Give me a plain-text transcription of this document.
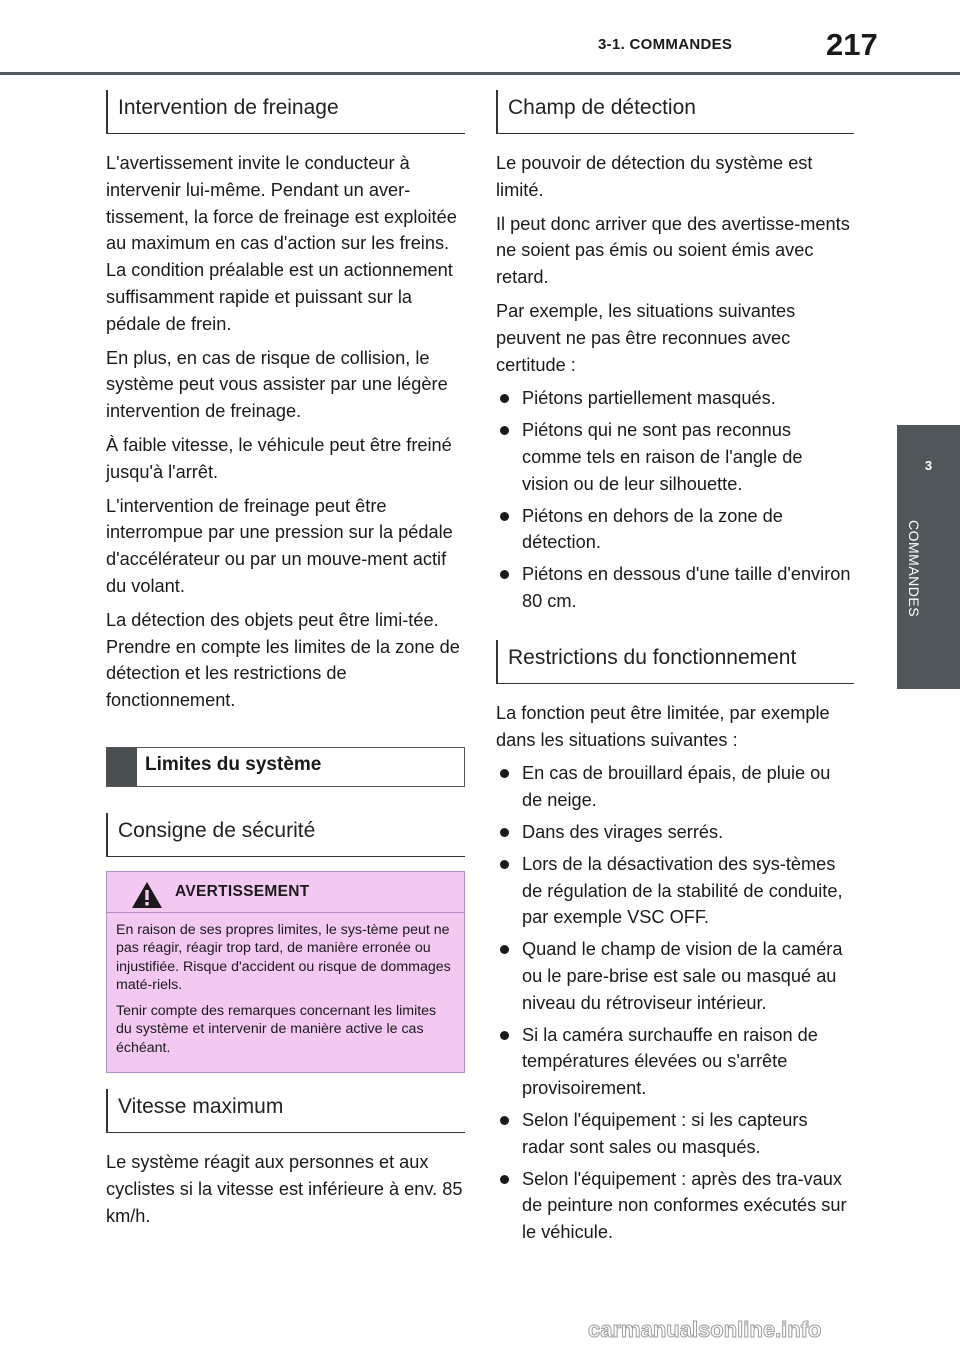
3-1. COMMANDES	217
3
COMMANDES
Intervention de freinage

L'avertissement invite le conducteur à intervenir lui-même. Pendant un aver-tissement, la force de freinage est exploitée au maximum en cas d'action sur les freins. La condition préalable est un actionnement suffisamment rapide et puissant sur la pédale de frein.

En plus, en cas de risque de collision, le système peut vous assister par une légère intervention de freinage.

À faible vitesse, le véhicule peut être freiné jusqu'à l'arrêt.

L'intervention de freinage peut être interrompue par une pression sur la pédale d'accélérateur ou par un mouve-ment actif du volant.

La détection des objets peut être limi-tée. Prendre en compte les limites de la zone de détection et les restrictions de fonctionnement.

Limites du système
Consigne de sécurité
AVERTISSEMENT

En raison de ses propres limites, le sys-tème peut ne pas réagir, réagir trop tard, de manière erronée ou injustifiée. Risque d'accident ou risque de dommages maté-riels.

Tenir compte des remarques concernant les limites du système et intervenir de manière active le cas échéant.

Vitesse maximum

Le système réagit aux personnes et aux cyclistes si la vitesse est inférieure à env. 85 km/h.

Champ de détection

Le pouvoir de détection du système est limité.

Il peut donc arriver que des avertisse-ments ne soient pas émis ou soient émis avec retard.

Par exemple, les situations suivantes peuvent ne pas être reconnues avec certitude :

Piétons partiellement masqués.
Piétons qui ne sont pas reconnus comme tels en raison de l'angle de vision ou de leur silhouette.
Piétons en dehors de la zone de détection.
Piétons en dessous d'une taille d'environ 80 cm.
Restrictions du fonctionnement

La fonction peut être limitée, par exemple dans les situations suivantes :

En cas de brouillard épais, de pluie ou de neige.
Dans des virages serrés.
Lors de la désactivation des sys-tèmes de régulation de la stabilité de conduite, par exemple VSC OFF.
Quand le champ de vision de la caméra ou le pare-brise est sale ou masqué au niveau du rétroviseur intérieur.
Si la caméra surchauffe en raison de températures élevées ou s'arrête provisoirement.
Selon l'équipement : si les capteurs radar sont sales ou masqués.
Selon l'équipement : après des tra-vaux de peinture non conformes exécutés sur le véhicule.
carmanualsonline.info
